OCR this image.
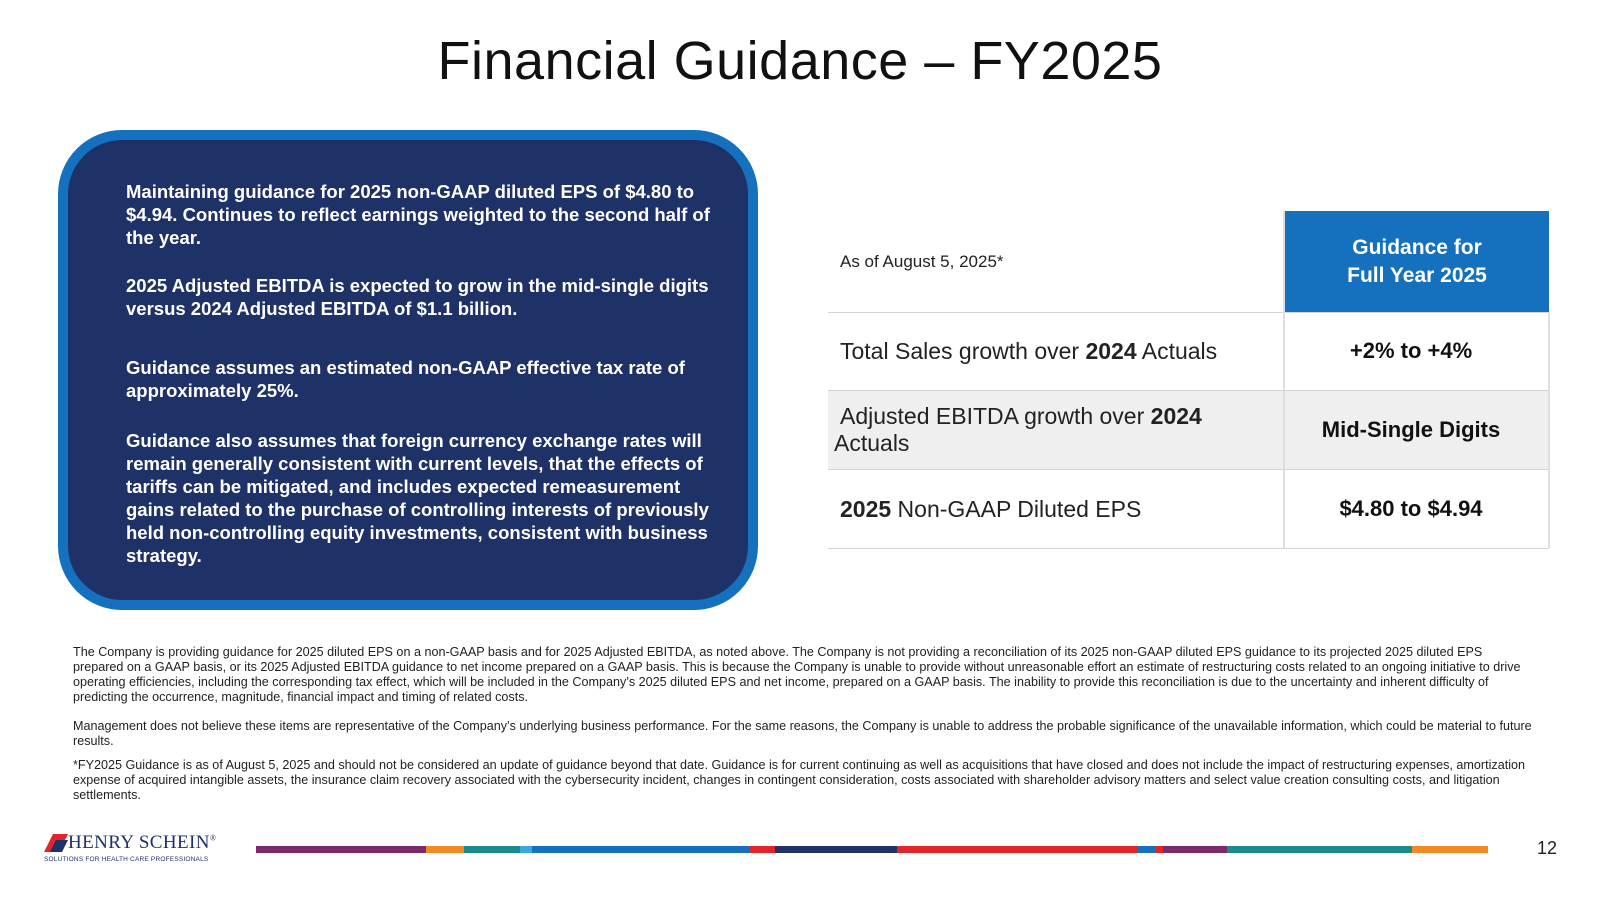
Financial Guidance – FY2025

Maintaining guidance for 2025 non-GAAP diluted EPS of $4.80 to $4.94. Continues to reflect earnings weighted to the second half of the year.

2025 Adjusted EBITDA is expected to grow in the mid-single digits versus 2024 Adjusted EBITDA of $1.1 billion.

Guidance assumes an estimated non-GAAP effective tax rate of approximately 25%.

Guidance also assumes that foreign currency exchange rates will remain generally consistent with current levels, that the effects of tariffs can be mitigated, and includes expected remeasurement gains related to the purchase of controlling interests of previously held non-controlling equity investments, consistent with business strategy.

As of August 5, 2025*
Guidance for
Full Year 2025
Total Sales growth over 2024 Actuals	+2% to +4%
Adjusted EBITDA growth over 2024
Actuals
Mid-Single Digits
2025 Non-GAAP Diluted EPS	$4.80 to $4.94

The Company is providing guidance for 2025 diluted EPS on a non-GAAP basis and for 2025 Adjusted EBITDA, as noted above. The Company is not providing a reconciliation of its 2025 non-GAAP diluted EPS guidance to its projected 2025 diluted EPS prepared on a GAAP basis, or its 2025 Adjusted EBITDA guidance to net income prepared on a GAAP basis. This is because the Company is unable to provide without unreasonable effort an estimate of restructuring costs related to an ongoing initiative to drive operating efficiencies, including the corresponding tax effect, which will be included in the Company’s 2025 diluted EPS and net income, prepared on a GAAP basis. The inability to provide this reconciliation is due to the uncertainty and inherent difficulty of predicting the occurrence, magnitude, financial impact and timing of related costs.

Management does not believe these items are representative of the Company’s underlying business performance. For the same reasons, the Company is unable to address the probable significance of the unavailable information, which could be material to future results.

*FY2025 Guidance is as of August 5, 2025 and should not be considered an update of guidance beyond that date. Guidance is for current continuing as well as acquisitions that have closed and does not include the impact of restructuring expenses, amortization expense of acquired intangible assets, the insurance claim recovery associated with the cybersecurity incident, changes in contingent consideration, costs associated with shareholder advisory matters and select value creation consulting costs, and litigation settlements.

HENRY SCHEIN®
SOLUTIONS FOR HEALTH CARE PROFESSIONALS
12
